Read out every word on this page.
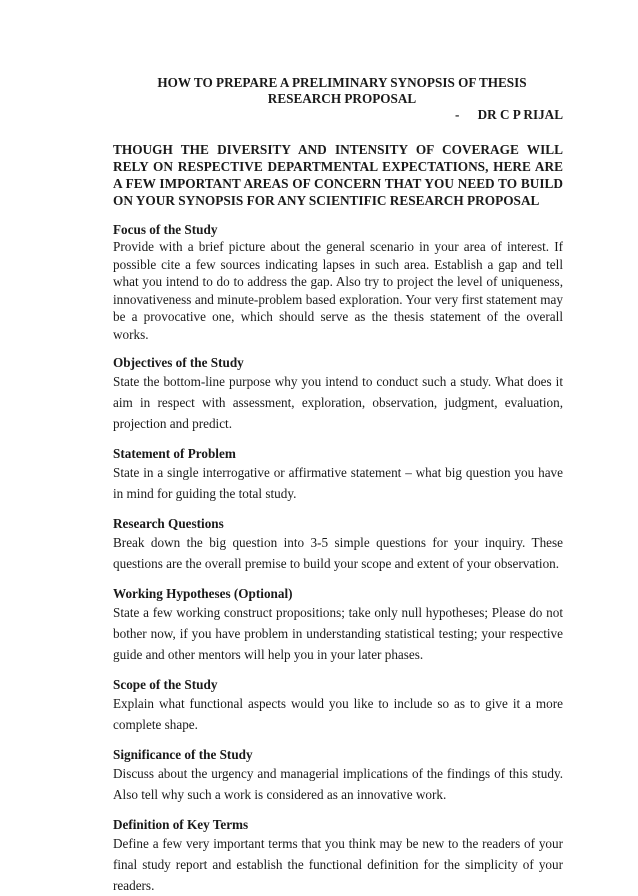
HOW TO PREPARE A PRELIMINARY SYNOPSIS OF THESIS RESEARCH PROPOSAL

- DR C P RIJAL

THOUGH THE DIVERSITY AND INTENSITY OF COVERAGE WILL RELY ON RESPECTIVE DEPARTMENTAL EXPECTATIONS, HERE ARE A FEW IMPORTANT AREAS OF CONCERN THAT YOU NEED TO BUILD ON YOUR SYNOPSIS FOR ANY SCIENTIFIC RESEARCH PROPOSAL

Focus of the Study

Provide with a brief picture about the general scenario in your area of interest. If possible cite a few sources indicating lapses in such area. Establish a gap and tell what you intend to do to address the gap. Also try to project the level of uniqueness, innovativeness and minute-problem based exploration. Your very first statement may be a provocative one, which should serve as the thesis statement of the overall works.

Objectives of the Study

State the bottom-line purpose why you intend to conduct such a study. What does it aim in respect with assessment, exploration, observation, judgment, evaluation, projection and predict.

Statement of Problem

State in a single interrogative or affirmative statement – what big question you have in mind for guiding the total study.

Research Questions

Break down the big question into 3-5 simple questions for your inquiry. These questions are the overall premise to build your scope and extent of your observation.

Working Hypotheses (Optional)

State a few working construct propositions; take only null hypotheses; Please do not bother now, if you have problem in understanding statistical testing; your respective guide and other mentors will help you in your later phases.

Scope of the Study

Explain what functional aspects would you like to include so as to give it a more complete shape.

Significance of the Study

Discuss about the urgency and managerial implications of the findings of this study. Also tell why such a work is considered as an innovative work.

Definition of Key Terms

Define a few very important terms that you think may be new to the readers of your final study report and establish the functional definition for the simplicity of your readers.
